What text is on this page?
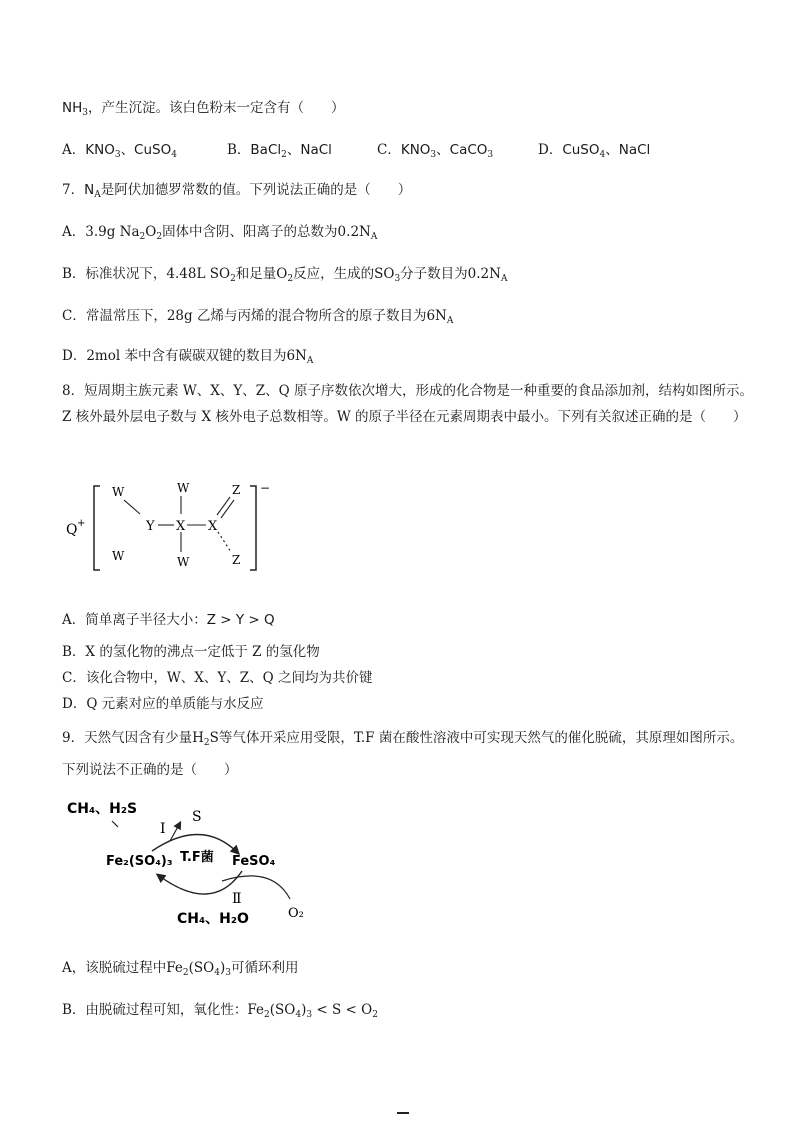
$NH_3$，产生沉淀。该白色粉末一定含有（　　）
A．$KNO_3$、CuSO$_4$	B．BaCl$_2$、NaCl	C．$KNO_3$、CaCO$_3$	D．CuSO$_4$、NaCl
7．$N_A$是阿伏加德罗常数的值。下列说法正确的是（　　）
A．3.9g $Na_2O_2$固体中含阴、阳离子的总数为$0.2N_A$
B．标准状况下，4.48L $SO_2$和足量$O_2$反应，生成的$SO_3$分子数目为$0.2N_A$
C．常温常压下，28g 乙烯与丙烯的混合物所含的原子数目为$6N_A$
D．2mol 苯中含有碳碳双键的数目为$6N_A$
8．短周期主族元素 W、X、Y、Z、Q 原子序数依次增大，形成的化合物是一种重要的食品添加剂，结构如图所示。Z 核外最外层电子数与 X 核外电子总数相等。W 的原子半径在元素周期表中最小。下列有关叙述正确的是（　　）
Q +
−
W
W
Y X X
W
W
Z
Z
A．简单离子半径大小：Z > Y > Q
B．X 的氢化物的沸点一定低于 Z 的氢化物
C．该化合物中，W、X、Y、Z、Q 之间均为共价键
D．Q 元素对应的单质能与水反应
9．天然气因含有少量$H_2S$等气体开采应用受限，T.F 菌在酸性溶液中可实现天然气的催化脱硫，其原理如图所示。下列说法不正确的是（　　）
CH₄、H₂S	S
Ⅰ
Fe₂(SO₄)₃ T.F菌 FeSO₄
Ⅱ
CH₄、H₂O	O₂
A，该脱硫过程中$Fe_2(SO_4)_3$可循环利用
B．由脱硫过程可知，氧化性：$Fe_2(SO_4)_3 < S < O_2$
